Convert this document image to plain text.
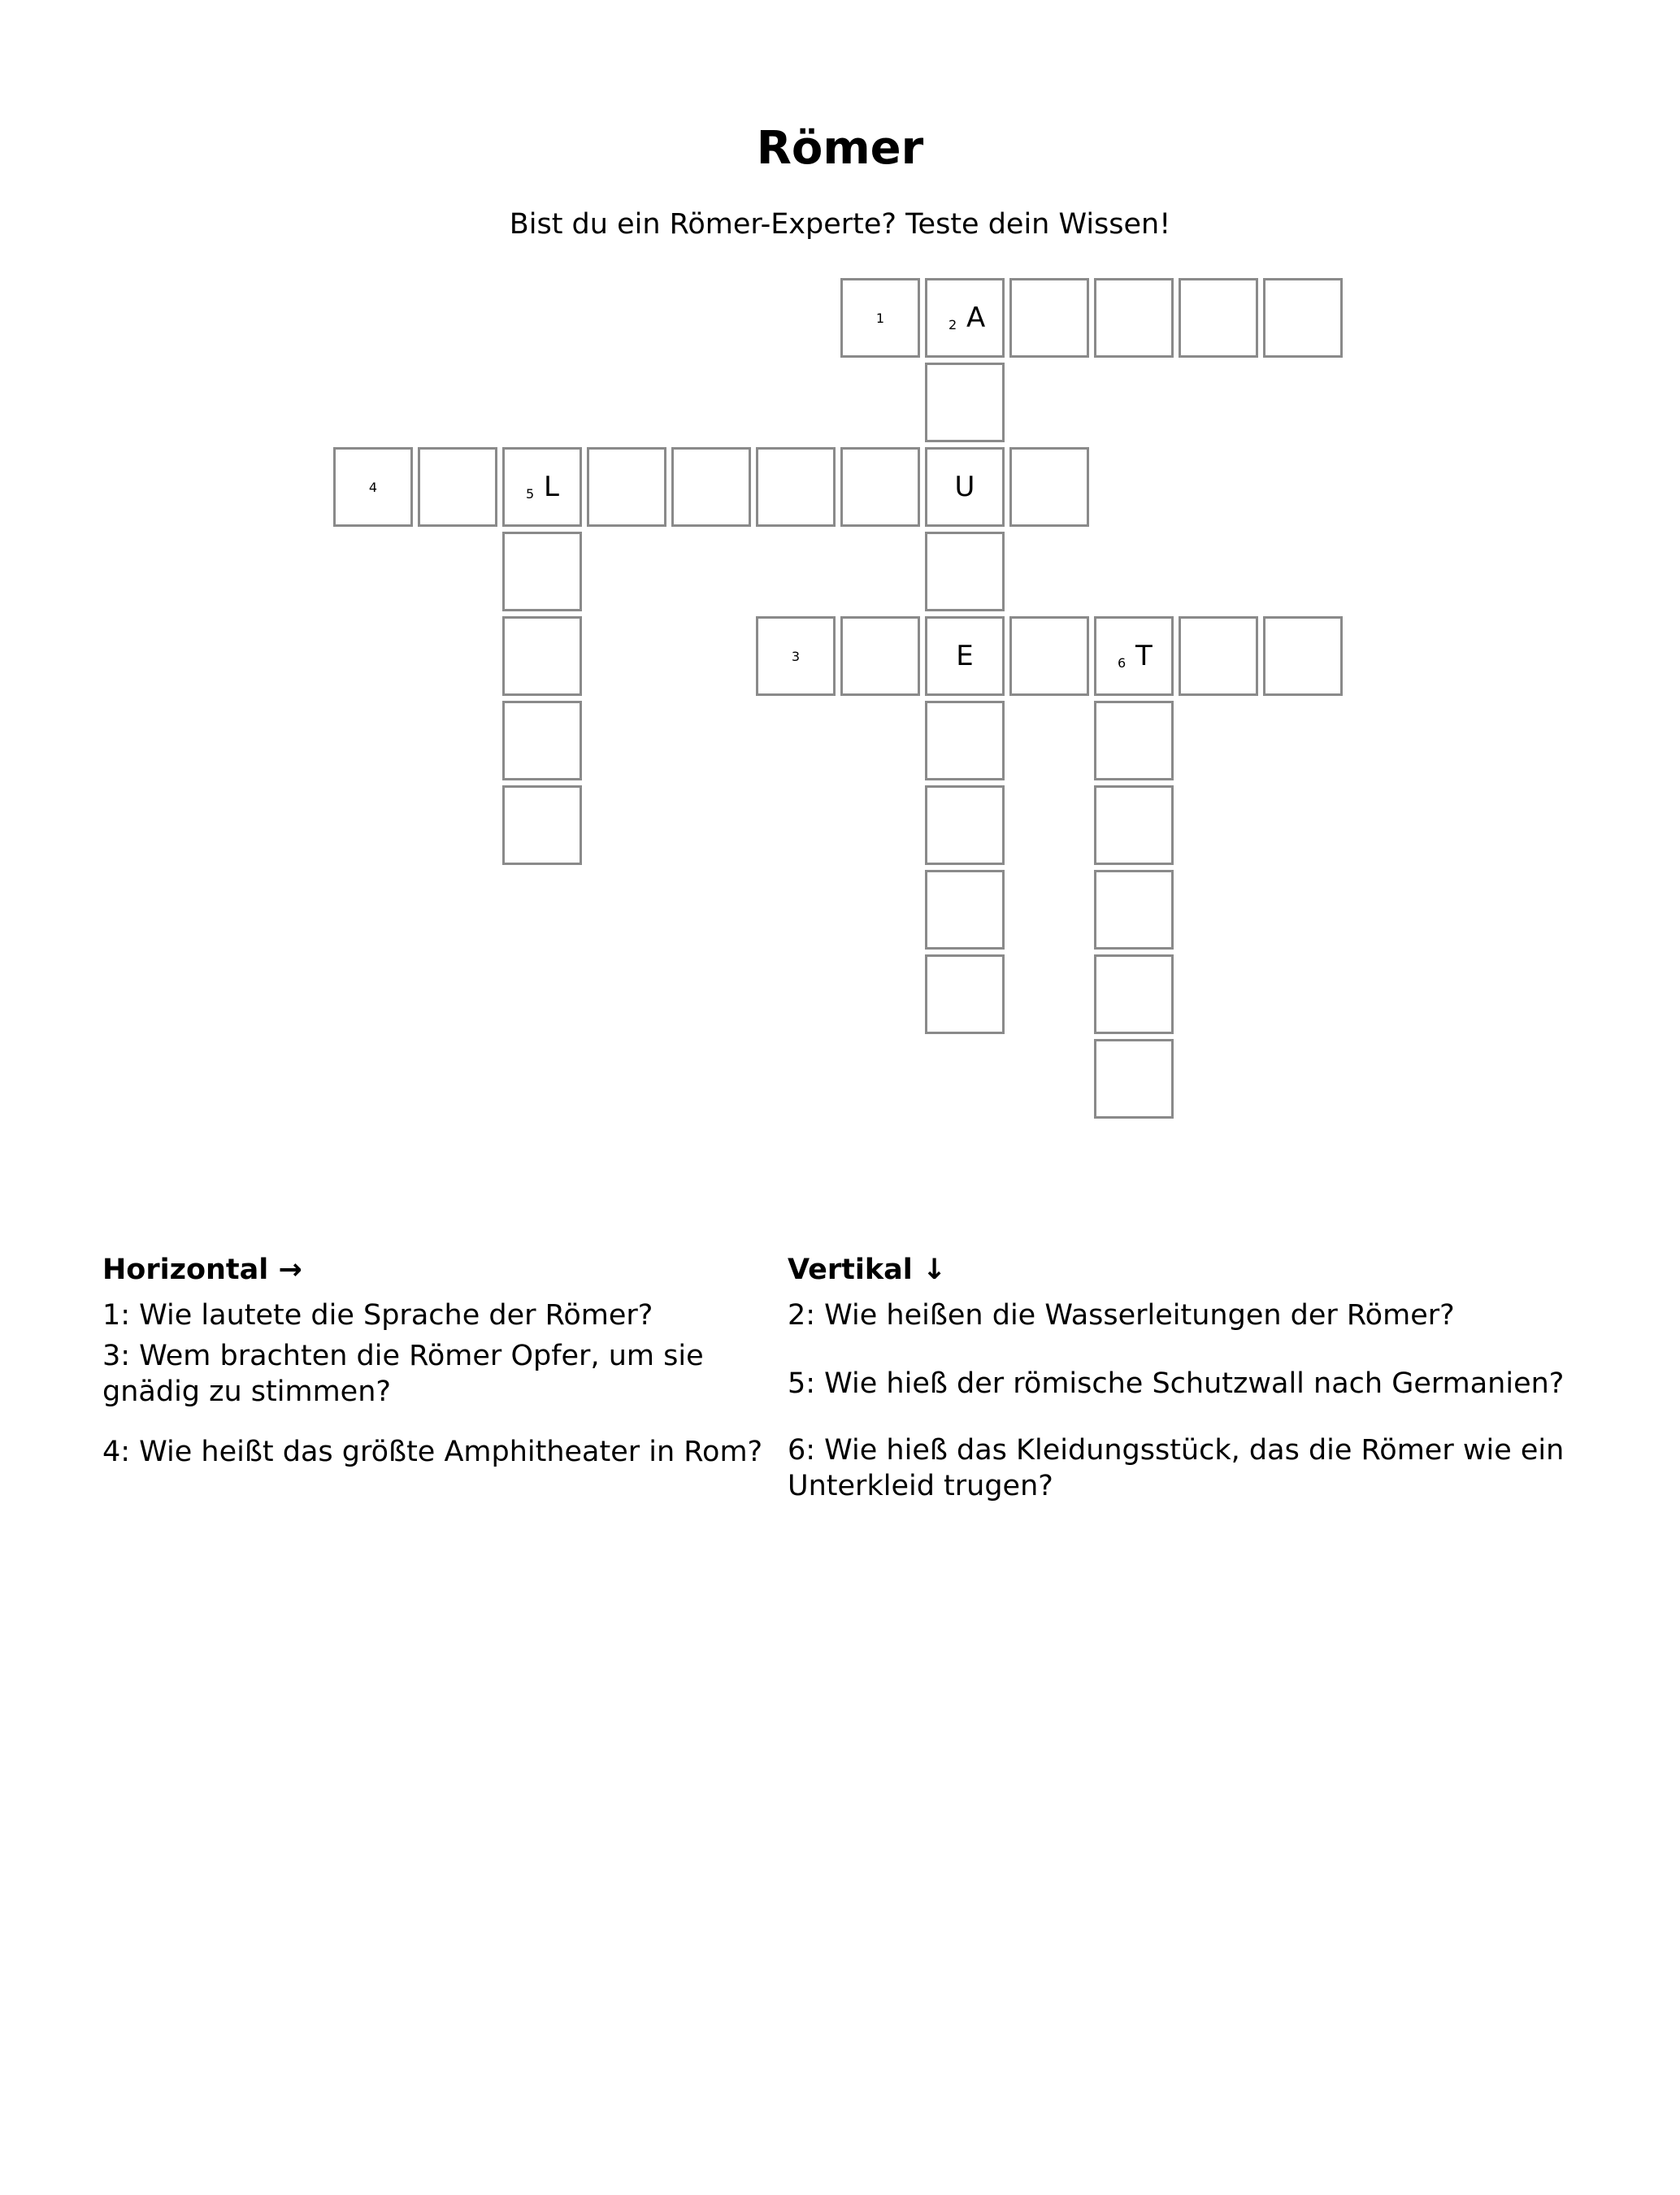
Römer
Bist du ein Römer-Experte? Teste dein Wissen!
1	2 A
4	5 L	U
3	E	6 T
Horizontal →
1: Wie lautete die Sprache der Römer?
3: Wem brachten die Römer Opfer, um sie gnädig zu stimmen?
4: Wie heißt das größte Amphitheater in Rom?
Vertikal ↓
2: Wie heißen die Wasserleitungen der Römer?
5: Wie hieß der römische Schutzwall nach Germanien?
6: Wie hieß das Kleidungsstück, das die Römer wie ein Unterkleid trugen?
